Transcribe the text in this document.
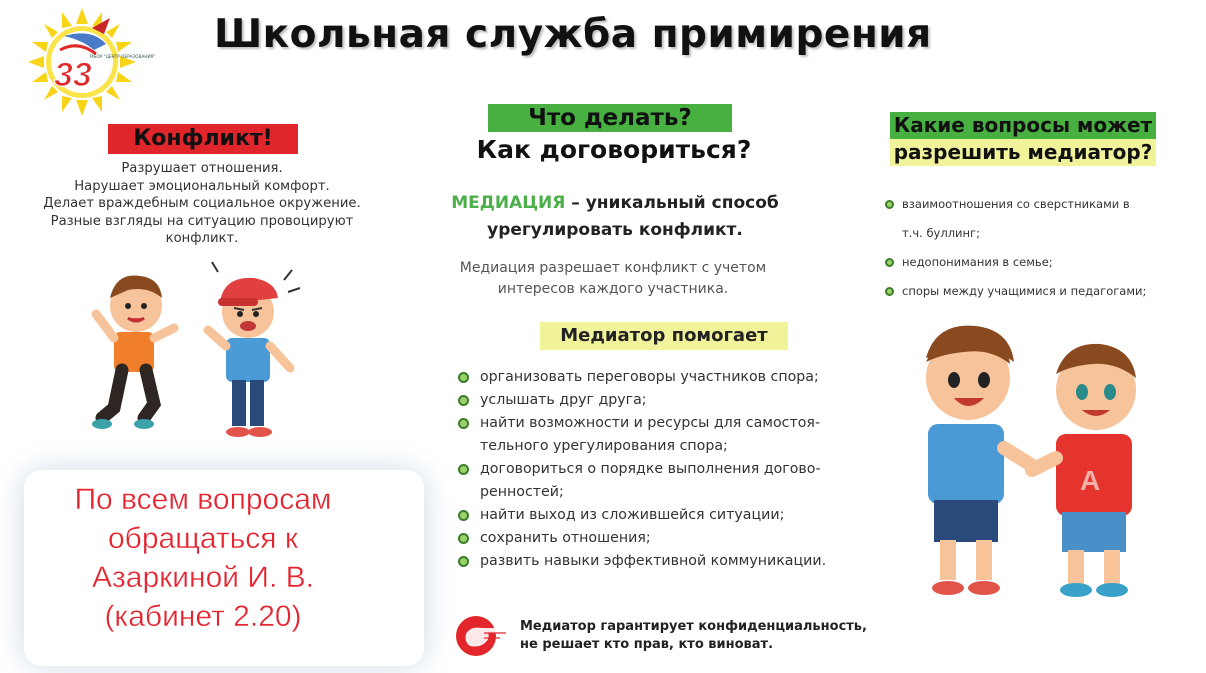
33
МБОУ "ЦЕНТР ОБРАЗОВАНИЯ" Школьная служба примирения
Конфликт!
Разрушает отношения.
Нарушает эмоциональный комфорт.
Делает враждебным социальное окружение.
Разные взгляды на ситуацию провоцируют
конфликт.
По всем вопросам
обращаться к
Азаркиной И. В.
(кабинет 2.20)
Что делать?
Как договориться?
МЕДИАЦИЯ – уникальный способ
урегулировать конфликт.
Медиация разрешает конфликт с учетом
интересов каждого участника.
Медиатор помогает
организовать переговоры участников спора;
услышать друг друга;
найти возможности и ресурсы для самостоя-
тельного урегулирования спора;
договориться о порядке выполнения догово-
ренностей;
найти выход из сложившейся ситуации;
сохранить отношения;
развить навыки эффективной коммуникации.
Медиатор гарантирует конфиденциальность,
не решает кто прав, кто виноват.
Какие вопросы может
разрешить медиатор?
взаимоотношения со сверстниками в
т.ч. буллинг;
недопонимания в семье;
споры между учащимися и педагогами;
A
